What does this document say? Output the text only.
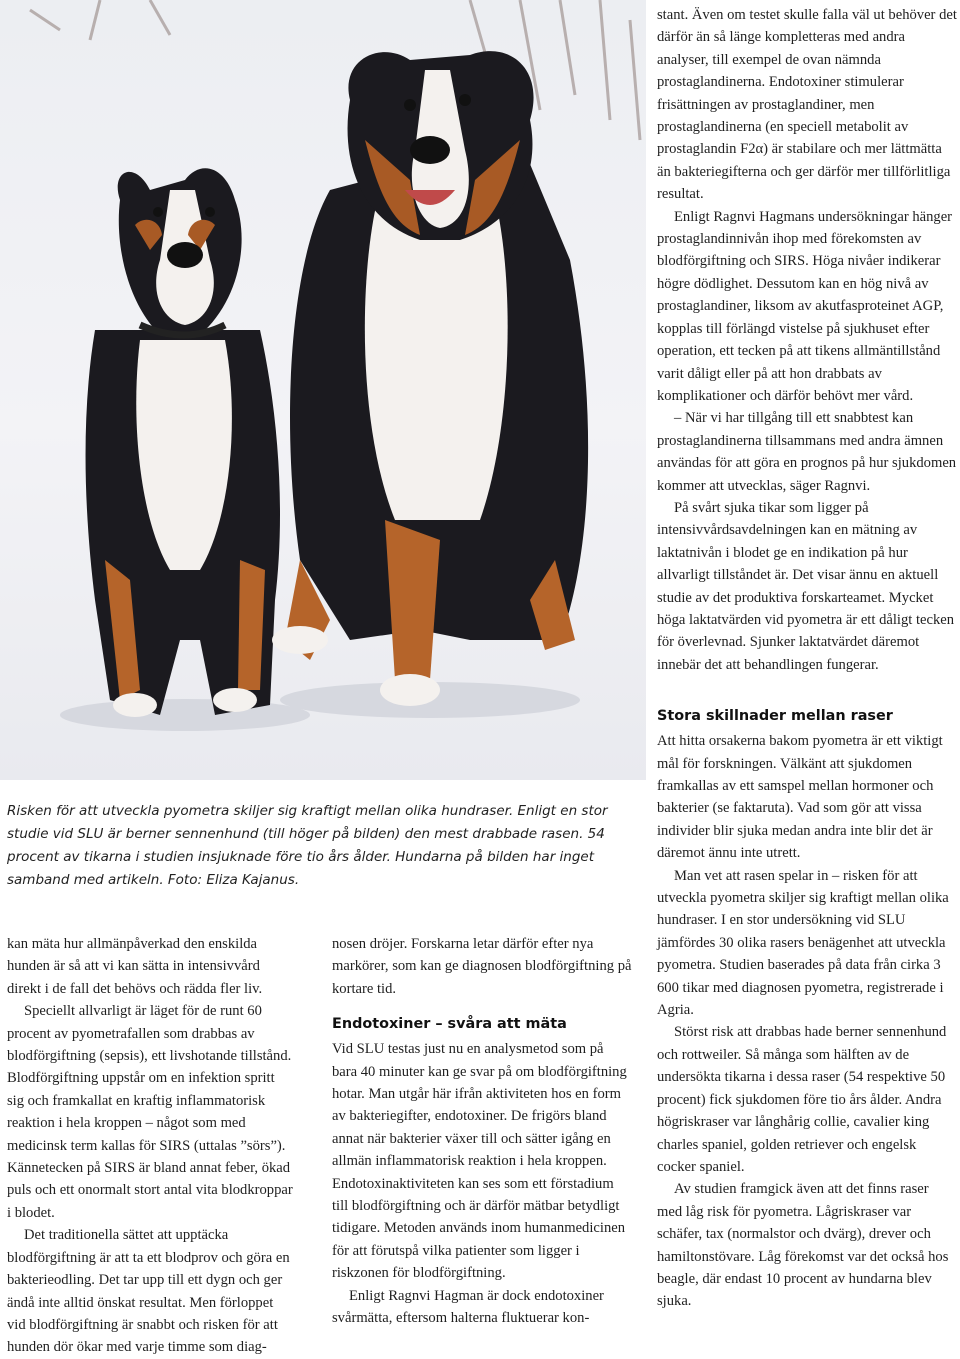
Risken för att utveckla pyometra skiljer sig kraftigt mellan olika hundraser. Enligt en stor studie vid SLU är berner sennenhund (till höger på bilden) den mest drabbade rasen. 54 procent av tikarna i studien insjuknade före tio års ålder. Hundarna på bilden har inget samband med artikeln. Foto: Eliza Kajanus.

kan mäta hur allmänpåverkad den enskilda hunden är så att vi kan sätta in intensivvård direkt i de fall det behövs och rädda fler liv.

Speciellt allvarligt är läget för de runt 60 procent av pyometrafallen som drabbas av blodförgiftning (sepsis), ett livshotande tillstånd. Blodförgiftning uppstår om en infektion spritt sig och framkallat en kraftig inflammatorisk reaktion i hela kroppen – något som med medicinsk term kallas för SIRS (uttalas ”sörs”). Kännetecken på SIRS är bland annat feber, ökad puls och ett onormalt stort antal vita blodkroppar i blodet.

Det traditionella sättet att upptäcka blodförgiftning är att ta ett blodprov och göra en bakterieodling. Det tar upp till ett dygn och ger ändå inte alltid önskat resultat. Men förloppet vid blodförgiftning är snabbt och risken för att hunden dör ökar med varje timme som diag-

nosen dröjer. Forskarna letar därför efter nya markörer, som kan ge diagnosen blodförgiftning på kortare tid.

Endotoxiner – svåra att mäta

Vid SLU testas just nu en analysmetod som på bara 40 minuter kan ge svar på om blodförgiftning hotar. Man utgår här ifrån aktiviteten hos en form av bakteriegifter, endotoxiner. De frigörs bland annat när bakterier växer till och sätter igång en allmän inflammatorisk reaktion i hela kroppen. Endotoxinaktiviteten kan ses som ett förstadium till blodförgiftning och är därför mätbar betydligt tidigare. Metoden används inom humanmedicinen för att förutspå vilka patienter som ligger i riskzonen för blodförgiftning.

Enligt Ragnvi Hagman är dock endotoxiner svårmätta, eftersom halterna fluktuerar kon-

stant. Även om testet skulle falla väl ut behöver det därför än så länge kompletteras med andra analyser, till exempel de ovan nämnda prostaglandinerna. Endotoxiner stimulerar frisättningen av prostaglandiner, men prostaglandinerna (en speciell metabolit av prostaglandin F2α) är stabilare och mer lättmätta än bakteriegifterna och ger därför mer tillförlitliga resultat.

Enligt Ragnvi Hagmans undersökningar hänger prostaglandinnivån ihop med förekomsten av blodförgiftning och SIRS. Höga nivåer indikerar högre dödlighet. Dessutom kan en hög nivå av prostaglandiner, liksom av akutfasproteinet AGP, kopplas till förlängd vistelse på sjukhuset efter operation, ett tecken på att tikens allmäntillstånd varit dåligt eller på att hon drabbats av komplikationer och därför behövt mer vård.

– När vi har tillgång till ett snabbtest kan prostaglandinerna tillsammans med andra ämnen användas för att göra en prognos på hur sjukdomen kommer att utvecklas, säger Ragnvi.

På svårt sjuka tikar som ligger på intensivvårdsavdelningen kan en mätning av laktatnivån i blodet ge en indikation på hur allvarligt tillståndet är. Det visar ännu en aktuell studie av det produktiva forskarteamet. Mycket höga laktatvärden vid pyometra är ett dåligt tecken för överlevnad. Sjunker laktatvärdet däremot innebär det att behandlingen fungerar.

Stora skillnader mellan raser

Att hitta orsakerna bakom pyometra är ett viktigt mål för forskningen. Välkänt att sjukdomen framkallas av ett samspel mellan hormoner och bakterier (se faktaruta). Vad som gör att vissa individer blir sjuka medan andra inte blir det är däremot ännu inte utrett.

Man vet att rasen spelar in – risken för att utveckla pyometra skiljer sig kraftigt mellan olika hundraser. I en stor undersökning vid SLU jämfördes 30 olika rasers benägenhet att utveckla pyometra. Studien baserades på data från cirka 3 600 tikar med diagnosen pyometra, registrerade i Agria.

Störst risk att drabbas hade berner sennenhund och rottweiler. Så många som hälften av de undersökta tikarna i dessa raser (54 respektive 50 procent) fick sjukdomen före tio års ålder. Andra högriskraser var långhårig collie, cavalier king charles spaniel, golden retriever och engelsk cocker spaniel.

Av studien framgick även att det finns raser med låg risk för pyometra. Lågriskraser var schäfer, tax (normalstor och dvärg), drever och hamiltonstövare. Låg förekomst var det också hos beagle, där endast 10 procent av hundarna blev sjuka.
